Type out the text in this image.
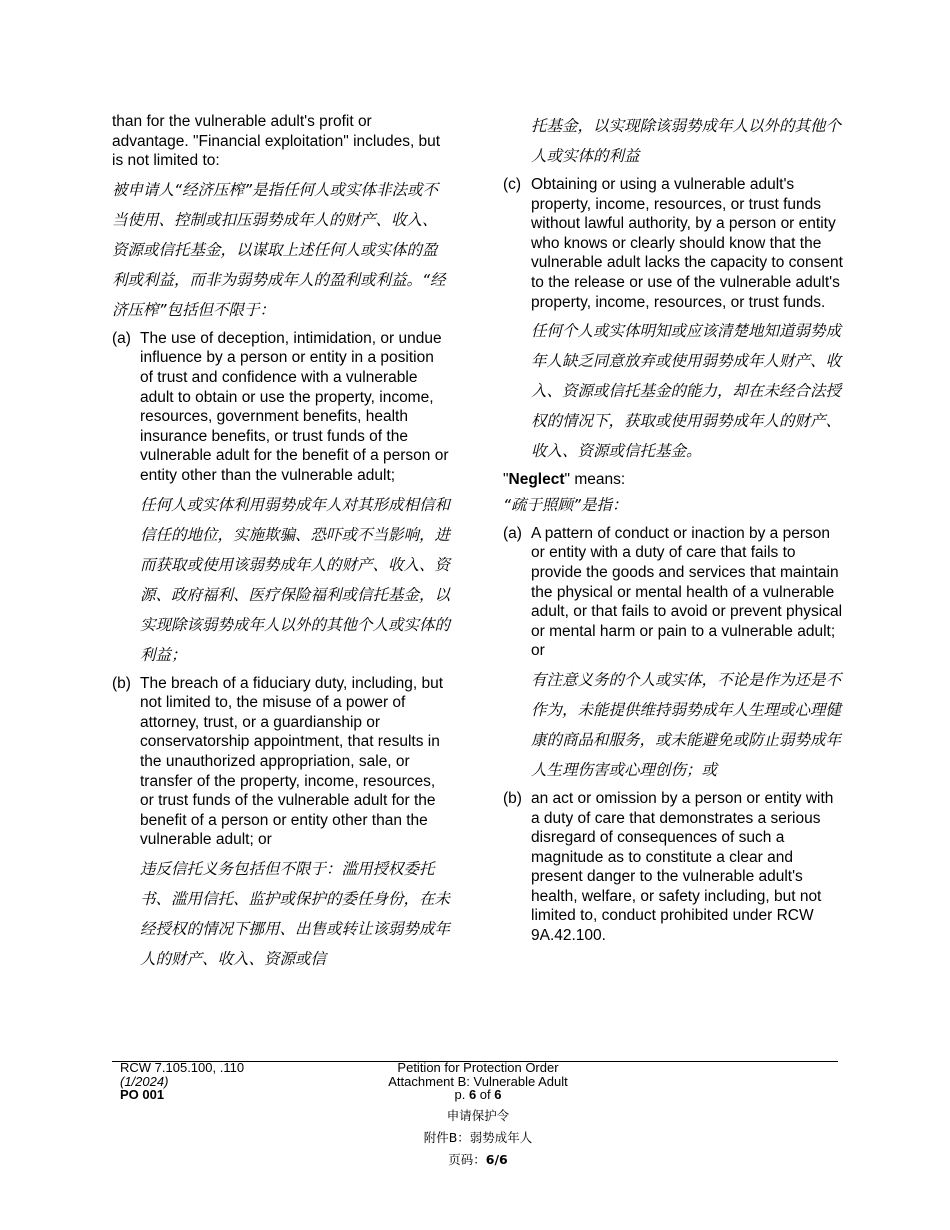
than for the vulnerable adult's profit or advantage. "Financial exploitation" includes, but is not limited to:

被申请人“经济压榨”是指任何人或实体非法或不当使用、控制或扣压弱势成年人的财产、收入、资源或信托基金，以谋取上述任何人或实体的盈利或利益，而非为弱势成年人的盈利或利益。“经济压榨”包括但不限于：

(a) The use of deception, intimidation, or undue influence by a person or entity in a position of trust and confidence with a vulnerable adult to obtain or use the property, income, resources, government benefits, health insurance benefits, or trust funds of the vulnerable adult for the benefit of a person or entity other than the vulnerable adult;

任何人或实体利用弱势成年人对其形成相信和信任的地位，实施欺骗、恐吓或不当影响，进而获取或使用该弱势成年人的财产、收入、资源、政府福利、医疗保险福利或信托基金，以实现除该弱势成年人以外的其他个人或实体的利益；

(b) The breach of a fiduciary duty, including, but not limited to, the misuse of a power of attorney, trust, or a guardianship or conservatorship appointment, that results in the unauthorized appropriation, sale, or transfer of the property, income, resources, or trust funds of the vulnerable adult for the benefit of a person or entity other than the vulnerable adult; or

违反信托义务包括但不限于：滥用授权委托书、滥用信托、监护或保护的委任身份，在未经授权的情况下挪用、出售或转让该弱势成年人的财产、收入、资源或信

托基金，以实现除该弱势成年人以外的其他个人或实体的利益

(c) Obtaining or using a vulnerable adult's property, income, resources, or trust funds without lawful authority, by a person or entity who knows or clearly should know that the vulnerable adult lacks the capacity to consent to the release or use of the vulnerable adult's property, income, resources, or trust funds.

任何个人或实体明知或应该清楚地知道弱势成年人缺乏同意放弃或使用弱势成年人财产、收入、资源或信托基金的能力，却在未经合法授权的情况下，获取或使用弱势成年人的财产、收入、资源或信托基金。

"Neglect" means:

“疏于照顾”是指：

(a) A pattern of conduct or inaction by a person or entity with a duty of care that fails to provide the goods and services that maintain the physical or mental health of a vulnerable adult, or that fails to avoid or prevent physical or mental harm or pain to a vulnerable adult; or

有注意义务的个人或实体，不论是作为还是不作为，未能提供维持弱势成年人生理或心理健康的商品和服务，或未能避免或防止弱势成年人生理伤害或心理创伤；或

(b) an act or omission by a person or entity with a duty of care that demonstrates a serious disregard of consequences of such a magnitude as to constitute a clear and present danger to the vulnerable adult's health, welfare, or safety including, but not limited to, conduct prohibited under RCW 9A.42.100.

RCW 7.105.100, .110
(1/2024)
PO 001
Petition for Protection Order
Attachment B: Vulnerable Adult
p. 6 of 6
申请保护令
附件B：弱势成年人
页码：6/6
